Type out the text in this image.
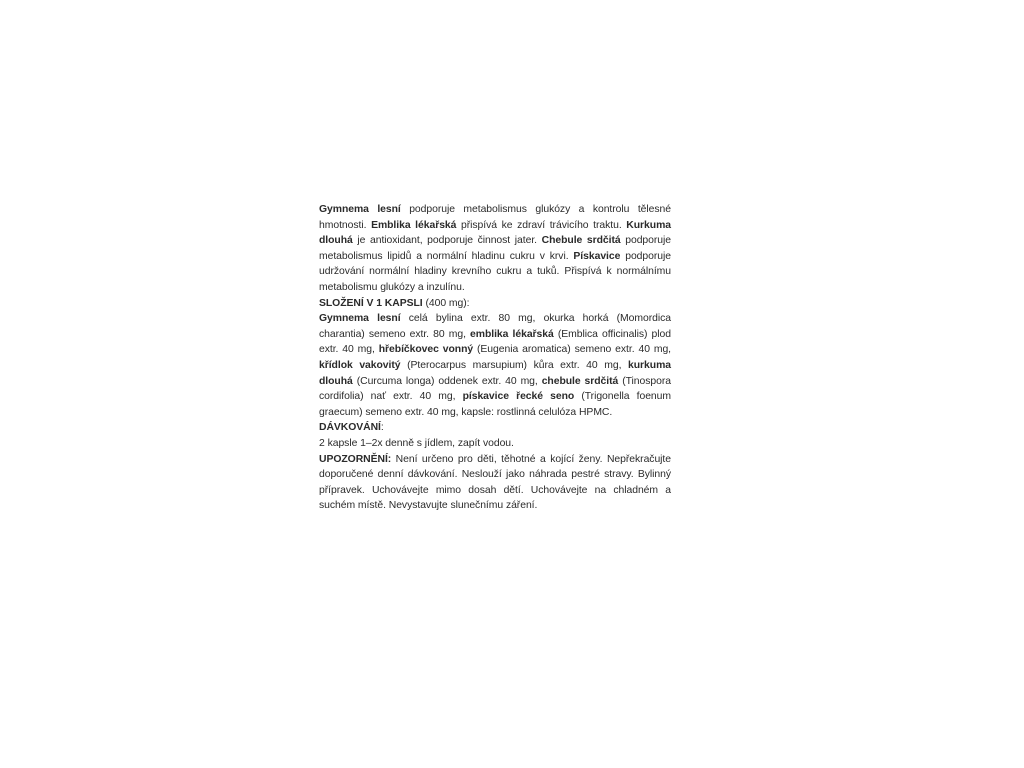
Gymnema lesní podporuje metabolismus glukózy a kontrolu tělesné hmotnosti. Emblika lékařská přispívá ke zdraví trávicího traktu. Kurkuma dlouhá je antioxidant, podporuje činnost jater. Chebule srdčitá podporuje metabolismus lipidů a normální hladinu cukru v krvi. Pískavice podporuje udržování normální hladiny krevního cukru a tuků. Přispívá k normálnímu metabolismu glukózy a inzulínu.

SLOŽENÍ V 1 KAPSLI (400 mg):

Gymnema lesní celá bylina extr. 80 mg, okurka horká (Momordica charantia) semeno extr. 80 mg, emblika lékařská (Emblica officinalis) plod extr. 40 mg, hřebíčkovec vonný (Eugenia aromatica) semeno extr. 40 mg, křídlok vakovitý (Pterocarpus marsupium) kůra extr. 40 mg, kurkuma dlouhá (Curcuma longa) oddenek extr. 40 mg, chebule srdčitá (Tinospora cordifolia) nať extr. 40 mg, pískavice řecké seno (Trigonella foenum graecum) semeno extr. 40 mg, kapsle: rostlinná celulóza HPMC.

DÁVKOVÁNÍ:

2 kapsle 1–2x denně s jídlem, zapít vodou.

UPOZORNĚNÍ: Není určeno pro děti, těhotné a kojící ženy. Nepřekračujte doporučené denní dávkování. Neslouží jako náhrada pestré stravy. Bylinný přípravek. Uchovávejte mimo dosah dětí. Uchovávejte na chladném a suchém místě. Nevystavujte slunečnímu záření.
